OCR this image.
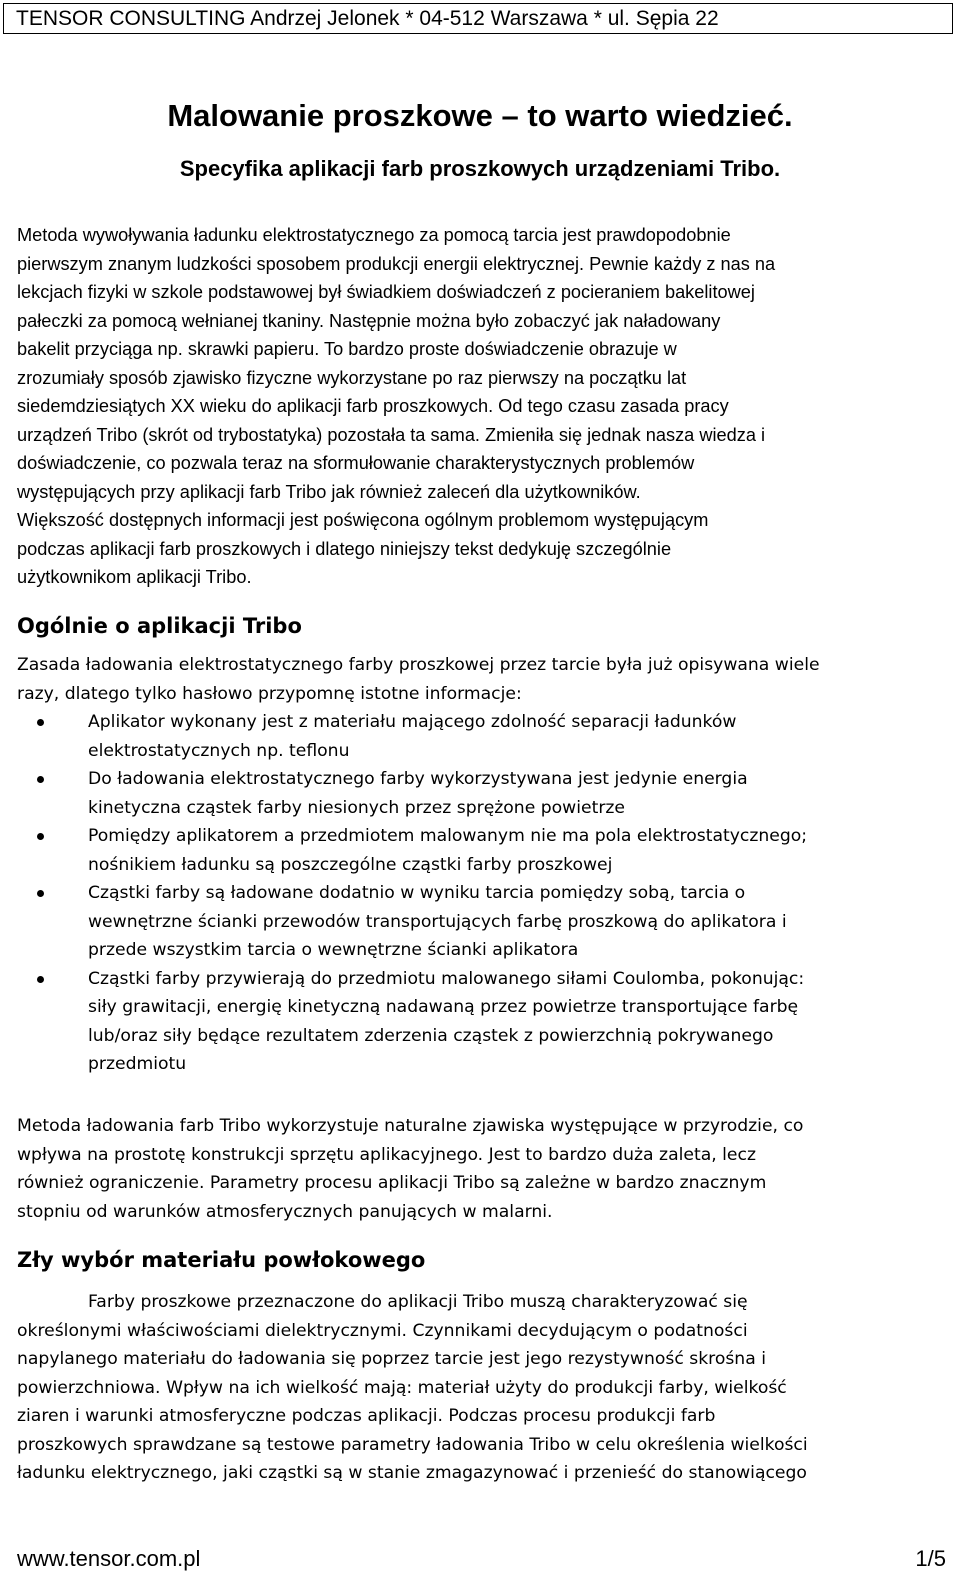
TENSOR CONSULTING Andrzej Jelonek * 04-512 Warszawa * ul. Sępia 22
Malowanie proszkowe – to warto wiedzieć.
Specyfika aplikacji farb proszkowych urządzeniami Tribo.

Metoda wywoływania ładunku elektrostatycznego za pomocą tarcia jest prawdopodobnie
pierwszym znanym ludzkości sposobem produkcji energii elektrycznej. Pewnie każdy z nas na
lekcjach fizyki w szkole podstawowej był świadkiem doświadczeń z pocieraniem bakelitowej
pałeczki za pomocą wełnianej tkaniny. Następnie można było zobaczyć jak naładowany
bakelit przyciąga np. skrawki papieru. To bardzo proste doświadczenie obrazuje w
zrozumiały sposób zjawisko fizyczne wykorzystane po raz pierwszy na początku lat
siedemdziesiątych XX wieku do aplikacji farb proszkowych. Od tego czasu zasada pracy
urządzeń Tribo (skrót od trybostatyka) pozostała ta sama. Zmieniła się jednak nasza wiedza i
doświadczenie, co pozwala teraz na sformułowanie charakterystycznych problemów
występujących przy aplikacji farb Tribo jak również zaleceń dla użytkowników.
Większość dostępnych informacji jest poświęcona ogólnym problemom występującym
podczas aplikacji farb proszkowych i dlatego niniejszy tekst dedykuję szczególnie
użytkownikom aplikacji Tribo.

Ogólnie o aplikacji Tribo

Zasada ładowania elektrostatycznego farby proszkowej przez tarcie była już opisywana wiele
razy, dlatego tylko hasłowo przypomnę istotne informacje:

Aplikator wykonany jest z materiału mającego zdolność separacji ładunków
elektrostatycznych np. teflonu
Do ładowania elektrostatycznego farby wykorzystywana jest jedynie energia
kinetyczna cząstek farby niesionych przez sprężone powietrze
Pomiędzy aplikatorem a przedmiotem malowanym nie ma pola elektrostatycznego;
nośnikiem ładunku są poszczególne cząstki farby proszkowej
Cząstki farby są ładowane dodatnio w wyniku tarcia pomiędzy sobą, tarcia o
wewnętrzne ścianki przewodów transportujących farbę proszkową do aplikatora i
przede wszystkim tarcia o wewnętrzne ścianki aplikatora
Cząstki farby przywierają do przedmiotu malowanego siłami Coulomba, pokonując:
siły grawitacji, energię kinetyczną nadawaną przez powietrze transportujące farbę
lub/oraz siły będące rezultatem zderzenia cząstek z powierzchnią pokrywanego
przedmiotu

Metoda ładowania farb Tribo wykorzystuje naturalne zjawiska występujące w przyrodzie, co
wpływa na prostotę konstrukcji sprzętu aplikacyjnego. Jest to bardzo duża zaleta, lecz
również ograniczenie. Parametry procesu aplikacji Tribo są zależne w bardzo znacznym
stopniu od warunków atmosferycznych panujących w malarni.

Zły wybór materiału powłokowego

Farby proszkowe przeznaczone do aplikacji Tribo muszą charakteryzować się
określonymi właściwościami dielektrycznymi. Czynnikami decydującym o podatności
napylanego materiału do ładowania się poprzez tarcie jest jego rezystywność skrośna i
powierzchniowa. Wpływ na ich wielkość mają: materiał użyty do produkcji farby, wielkość
ziaren i warunki atmosferyczne podczas aplikacji. Podczas procesu produkcji farb
proszkowych sprawdzane są testowe parametry ładowania Tribo w celu określenia wielkości
ładunku elektrycznego, jaki cząstki są w stanie zmagazynować i przenieść do stanowiącego

www.tensor.com.pl	1/5
